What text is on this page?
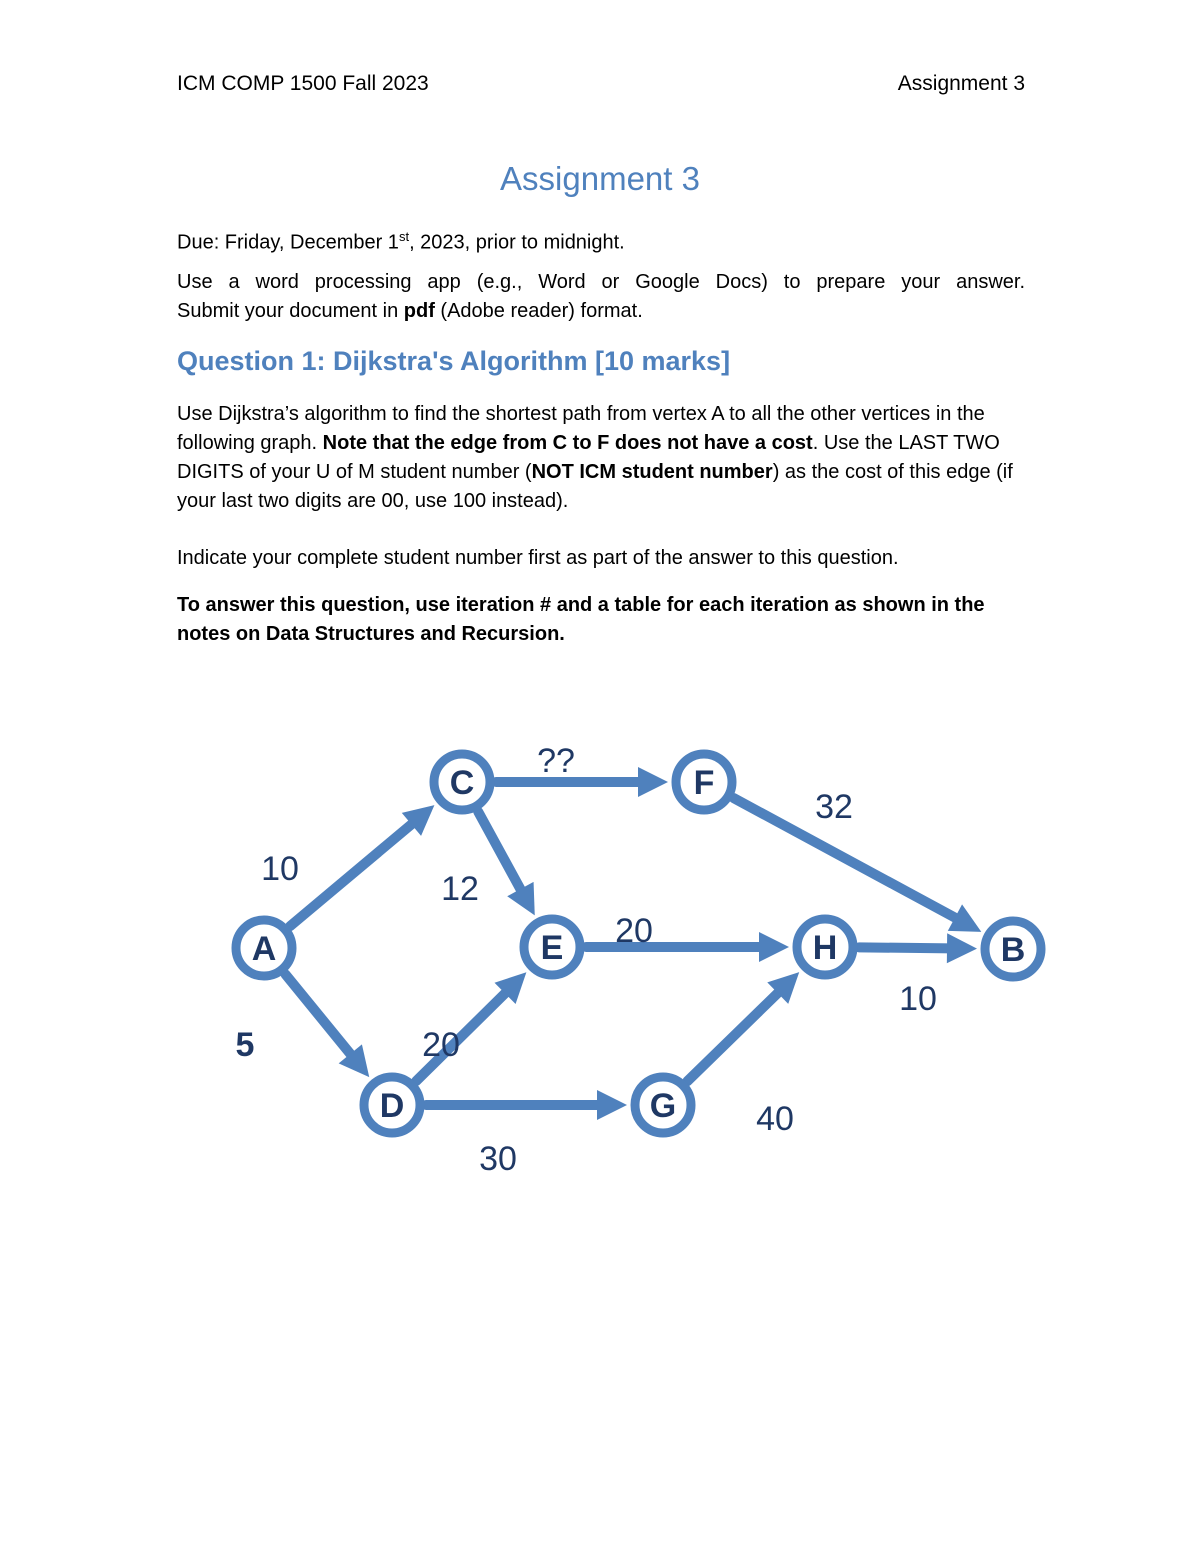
ICM COMP 1500 Fall 2023	Assignment 3
Assignment 3
Due: Friday, December 1st, 2023, prior to midnight.
Use a word processing app (e.g., Word or Google Docs) to prepare your answer.
Submit your document in pdf (Adobe reader) format.
Question 1: Dijkstra's Algorithm [10 marks]
Use Dijkstra’s algorithm to find the shortest path from vertex A to all the other vertices in the following graph. Note that the edge from C to F does not have a cost. Use the LAST TWO DIGITS of your U of M student number (NOT ICM student number) as the cost of this edge (if your last two digits are 00, use 100 instead).
Indicate your complete student number first as part of the answer to this question.
To answer this question, use iteration # and a table for each iteration as shown in the notes on Data Structures and Recursion.
A	B
C
D
E
F
G
H
10
5
12
??
20
30
20
32
40
10
